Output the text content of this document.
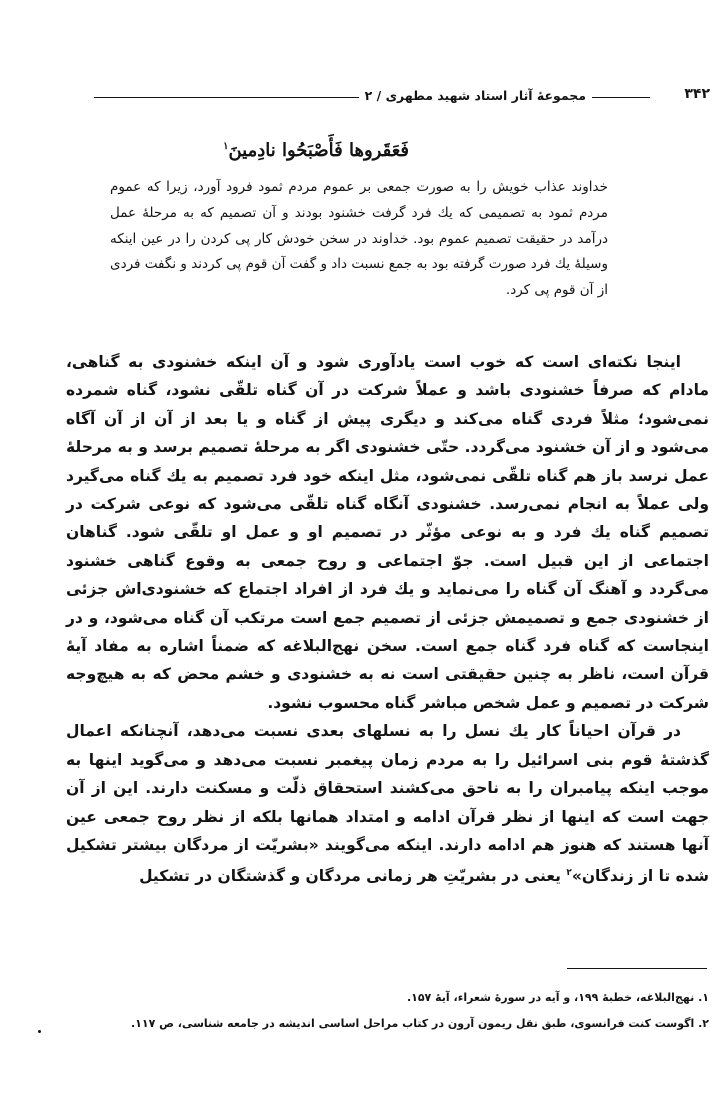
۳۴۲
مجموعهٔ آثار استاد شهید مطهری / ۲
فَعَقَروها فَأَصْبَحُوا نادِمینَ$^۱$
خداوند عذاب خویش را به صورت جمعی بر عموم مردم ثمود فرود آورد، زیرا که عموم مردم ثمود به تصمیمی که یك فرد گرفت خشنود بودند و آن تصمیم که به مرحلهٔ عمل درآمد در حقیقت تصمیم عموم بود. خداوند در سخن خودش کار پی کردن را در عین اینکه وسیلهٔ یك فرد صورت گرفته بود به جمع نسبت داد و گفت آن قوم پی کردند و نگفت فردی از آن قوم پی کرد.

اینجا نکته‌ای است که خوب است یادآوری شود و آن اینکه خشنودی به گناهی، مادام که صرفاً خشنودی باشد و عملاً شرکت در آن گناه تلقّی نشود، گناه شمرده نمی‌شود؛ مثلاً فردی گناه می‌کند و دیگری پیش از گناه و یا بعد از آن از آن آگاه می‌شود و از آن خشنود می‌گردد. حتّی خشنودی اگر به مرحلهٔ تصمیم برسد و به مرحلهٔ عمل نرسد باز هم گناه تلقّی نمی‌شود، مثل اینکه خود فرد تصمیم به یك گناه می‌گیرد ولی عملاً به انجام نمی‌رسد. خشنودی آنگاه گناه تلقّی می‌شود که نوعی شرکت در تصمیم گناه یك فرد و به نوعی مؤثّر در تصمیم او و عمل او تلقّی شود. گناهان اجتماعی از این قبیل است. جوّ اجتماعی و روح جمعی به وقوع گناهی خشنود می‌گردد و آهنگ آن گناه را می‌نماید و یك فرد از افراد اجتماع که خشنودی‌اش جزئی از خشنودی جمع و تصمیمش جزئی از تصمیم جمع است مرتکب آن گناه می‌شود، و در اینجاست که گناه فرد گناه جمع است. سخن نهج‌البلاغه که ضمناً اشاره به مفاد آیهٔ قرآن است، ناظر به چنین حقیقتی است نه به خشنودی و خشم محض که به هیچ‌وجه شرکت در تصمیم و عمل شخص مباشر گناه محسوب نشود.

در قرآن احیاناً کار یك نسل را به نسلهای بعدی نسبت می‌دهد، آنچنانکه اعمال گذشتهٔ قوم بنی اسرائیل را به مردم زمان پیغمبر نسبت می‌دهد و می‌گوید اینها به موجب اینکه پیامبران را به ناحق می‌کشند استحقاق ذلّت و مسکنت دارند. این از آن جهت است که اینها از نظر قرآن ادامه و امتداد همانها بلکه از نظر روح جمعی عین آنها هستند که هنوز هم ادامه دارند. اینکه می‌گویند «بشریّت از مردگان بیشتر تشکیل شده تا از زندگان»$^۲$ یعنی در بشریّتِ هر زمانی مردگان و گذشتگان در تشکیل

۱. نهج‌البلاغه، خطبهٔ ۱۹۹، و آیه در سورهٔ شعراء، آیهٔ ۱۵۷.
۲. اگوست کنت فرانسوی، طبق نقل ریمون آرون در کتاب مراحل اساسی اندیشه در جامعه شناسی، ص ۱۱۷.
